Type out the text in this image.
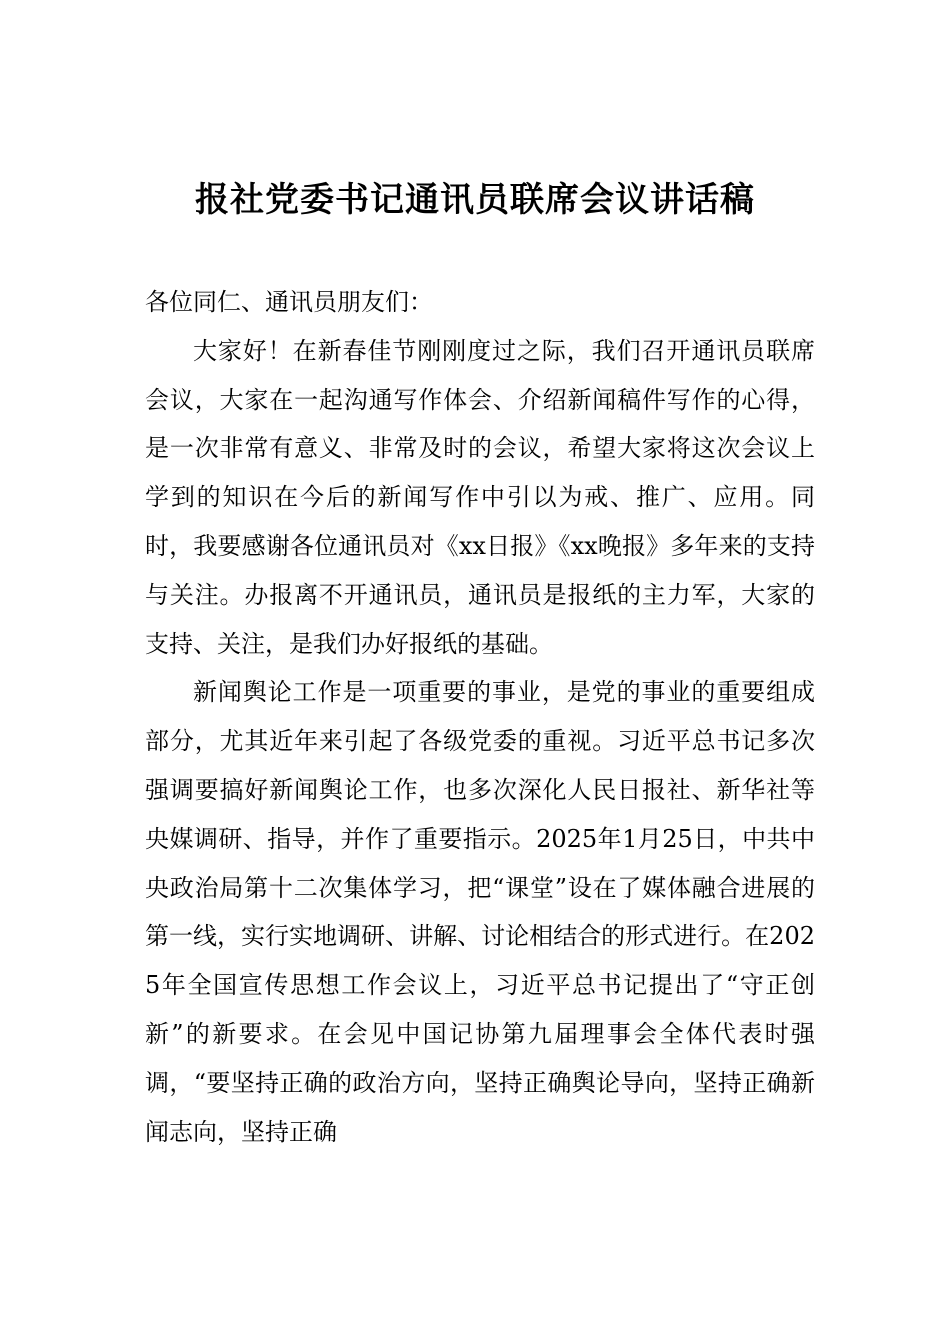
报社党委书记通讯员联席会议讲话稿

各位同仁、通讯员朋友们：

大家好！在新春佳节刚刚度过之际，我们召开通讯员联席会议，大家在一起沟通写作体会、介绍新闻稿件写作的心得，是一次非常有意义、非常及时的会议，希望大家将这次会议上学到的知识在今后的新闻写作中引以为戒、推广、应用。同时，我要感谢各位通讯员对《xx日报》《xx晚报》多年来的支持与关注。办报离不开通讯员，通讯员是报纸的主力军，大家的支持、关注，是我们办好报纸的基础。

新闻舆论工作是一项重要的事业，是党的事业的重要组成部分，尤其近年来引起了各级党委的重视。习近平总书记多次强调要搞好新闻舆论工作，也多次深化人民日报社、新华社等央媒调研、指导，并作了重要指示。2025年1月25日，中共中央政治局第十二次集体学习，把“课堂”设在了媒体融合进展的第一线，实行实地调研、讲解、讨论相结合的形式进行。在2025年全国宣传思想工作会议上，习近平总书记提出了“守正创新”的新要求。在会见中国记协第九届理事会全体代表时强调，“要坚持正确的政治方向，坚持正确舆论导向，坚持正确新闻志向，坚持正确
